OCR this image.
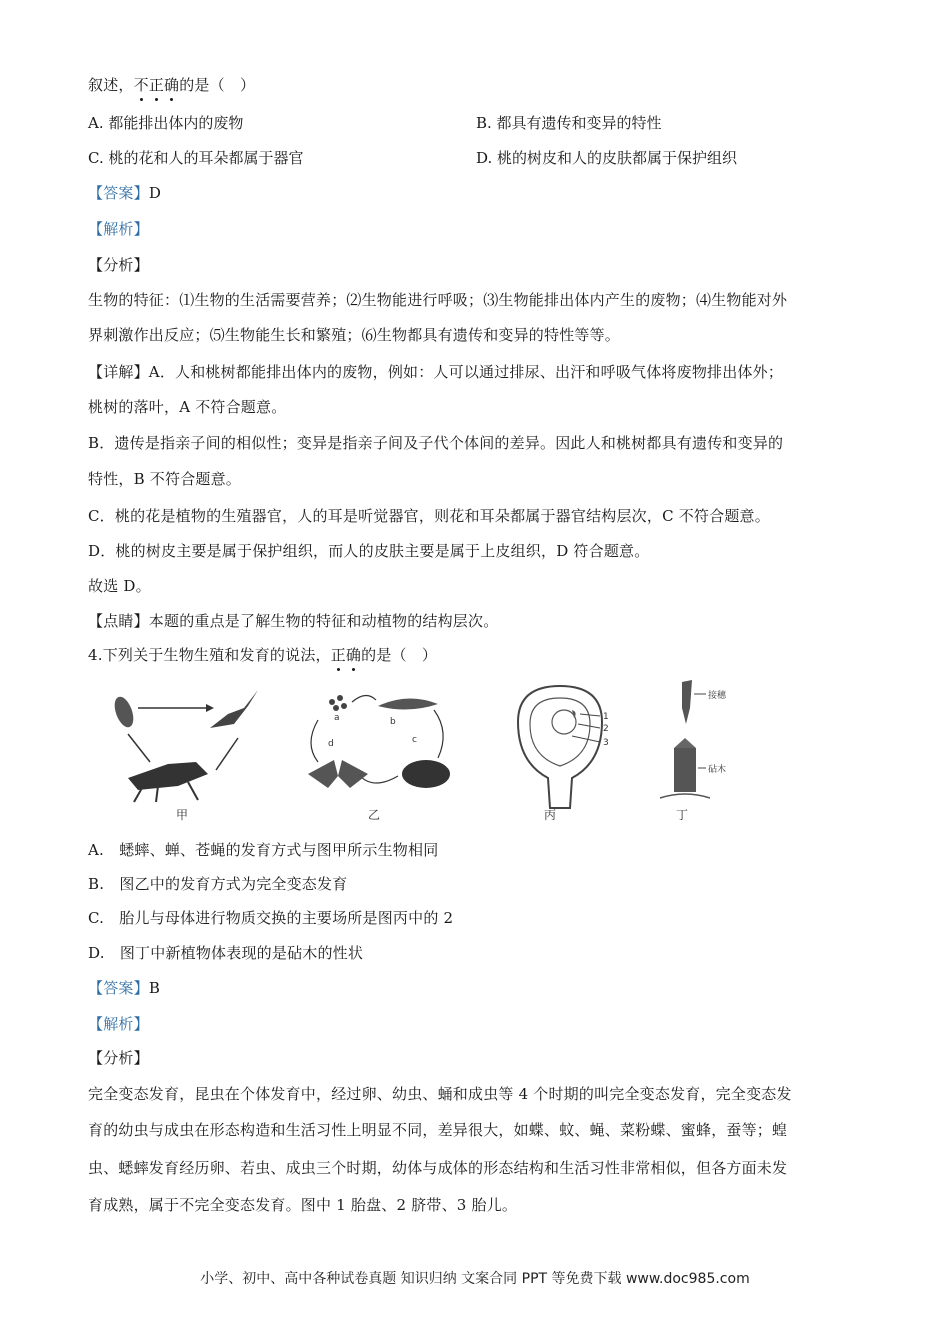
叙述，不正确的是（　）
A. 都能排出体内的废物	B. 都具有遗传和变异的特性
C. 桃的花和人的耳朵都属于器官	D. 桃的树皮和人的皮肤都属于保护组织
【答案】D
【解析】
【分析】
生物的特征：⑴生物的生活需要营养；⑵生物能进行呼吸；⑶生物能排出体内产生的废物；⑷生物能对外
界刺激作出反应；⑸生物能生长和繁殖；⑹生物都具有遗传和变异的特性等等。
【详解】A．人和桃树都能排出体内的废物，例如：人可以通过排尿、出汗和呼吸气体将废物排出体外；
桃树的落叶，A 不符合题意。
B．遗传是指亲子间的相似性；变异是指亲子间及子代个体间的差异。因此人和桃树都具有遗传和变异的
特性，B 不符合题意。
C．桃的花是植物的生殖器官，人的耳是听觉器官，则花和耳朵都属于器官结构层次，C 不符合题意。
D．桃的树皮主要是属于保护组织，而人的皮肤主要是属于上皮组织，D 符合题意。
故选 D。
【点睛】本题的重点是了解生物的特征和动植物的结构层次。
4.下列关于生物生殖和发育的说法，正确的是（　）
甲
a	b
c
d
乙
1
2
3
丙
接穗
砧木
丁
A.　蟋蟀、蝉、苍蝇的发育方式与图甲所示生物相同
B.　图乙中的发育方式为完全变态发育
C.　胎儿与母体进行物质交换的主要场所是图丙中的 2
D.　图丁中新植物体表现的是砧木的性状
【答案】B
【解析】
【分析】
完全变态发育，昆虫在个体发育中，经过卵、幼虫、蛹和成虫等 4 个时期的叫完全变态发育，完全变态发
育的幼虫与成虫在形态构造和生活习性上明显不同，差异很大，如蝶、蚊、蝇、菜粉蝶、蜜蜂，蚕等；蝗
虫、蟋蟀发育经历卵、若虫、成虫三个时期，幼体与成体的形态结构和生活习性非常相似，但各方面未发
育成熟，属于不完全变态发育。图中 1 胎盘、2 脐带、3 胎儿。
小学、初中、高中各种试卷真题 知识归纳 文案合同 PPT 等免费下载 www.doc985.com
